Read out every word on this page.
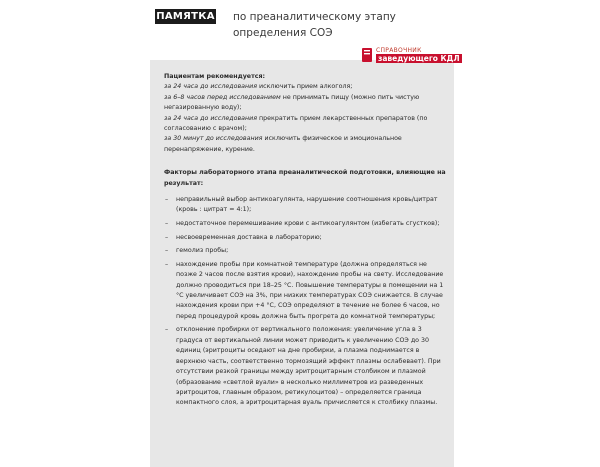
ПАМЯТКА по преаналитическому этапу
определения СОЭ
СПРАВОЧНИК
заведующего КДЛ

Пациентам рекомендуется:

за 24 часа до исследования исключить прием алкоголя;

за 6–8 часов перед исследованием не принимать пищу (можно пить чистую негазированную воду);

за 24 часа до исследования прекратить прием лекарственных препаратов (по согласованию с врачом);

за 30 минут до исследования исключить физическое и эмоциональное перенапряжение, курение.

Факторы лабораторного этапа преаналитической подготовки, влияющие на результат:

– неправильный выбор антикоагулянта, нарушение соотношения кровь/цитрат (кровь : цитрат = 4:1);
– недостаточное перемешивание крови с антикоагулянтом (избегать сгустков);
– несвоевременная доставка в лабораторию;
– гемолиз пробы;
– нахождение пробы при комнатной температуре (должна определяться не позже 2 часов после взятия крови), нахождение пробы на свету. Исследование должно проводиться при 18–25 °С. Повышение температуры в помещении на 1 °С увеличивает СОЭ на 3%, при низких температурах СОЭ снижается. В случае нахождения крови при +4 °С, СОЭ определяют в течение не более 6 часов, но перед процедурой кровь должна быть прогрета до комнатной температуры;
– отклонение пробирки от вертикального положения: увеличение угла в 3 градуса от вертикальной линии может приводить к увеличению СОЭ до 30 единиц (эритроциты оседают на дне пробирки, а плазма поднимается в верхнюю часть, соответственно тормозящий эффект плазмы ослабевает). При отсутствии резкой границы между эритроцитарным столбиком и плазмой (образование «светлой вуали» в несколько миллиметров из разведенных эритроцитов, главным образом, ретикулоцитов) – определяется граница компактного слоя, а эритроцитарная вуаль причисляется к столбику плазмы.
